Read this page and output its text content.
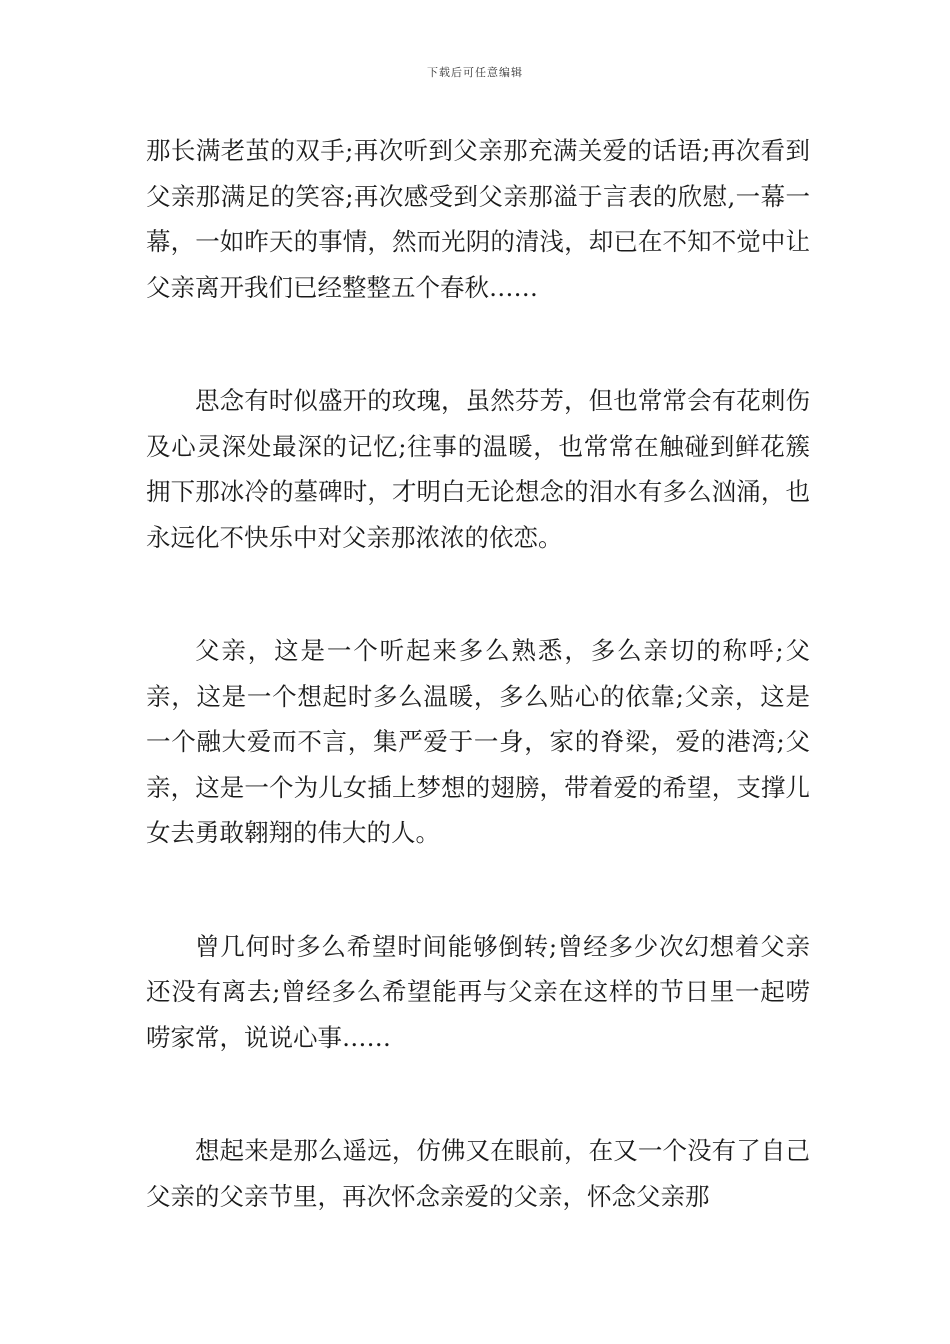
下载后可任意编辑

那长满老茧的双手;再次听到父亲那充满关爱的话语;再次看到父亲那满足的笑容;再次感受到父亲那溢于言表的欣慰,一幕一幕，一如昨天的事情，然而光阴的清浅，却已在不知不觉中让父亲离开我们已经整整五个春秋……

思念有时似盛开的玫瑰，虽然芬芳，但也常常会有花刺伤及心灵深处最深的记忆;往事的温暖，也常常在触碰到鲜花簇拥下那冰冷的墓碑时，才明白无论想念的泪水有多么汹涌，也永远化不快乐中对父亲那浓浓的依恋。

父亲，这是一个听起来多么熟悉，多么亲切的称呼;父亲，这是一个想起时多么温暖，多么贴心的依靠;父亲，这是一个融大爱而不言，集严爱于一身，家的脊梁，爱的港湾;父亲，这是一个为儿女插上梦想的翅膀，带着爱的希望，支撑儿女去勇敢翱翔的伟大的人。

曾几何时多么希望时间能够倒转;曾经多少次幻想着父亲还没有离去;曾经多么希望能再与父亲在这样的节日里一起唠唠家常，说说心事……

想起来是那么遥远，仿佛又在眼前，在又一个没有了自己父亲的父亲节里，再次怀念亲爱的父亲，怀念父亲那
